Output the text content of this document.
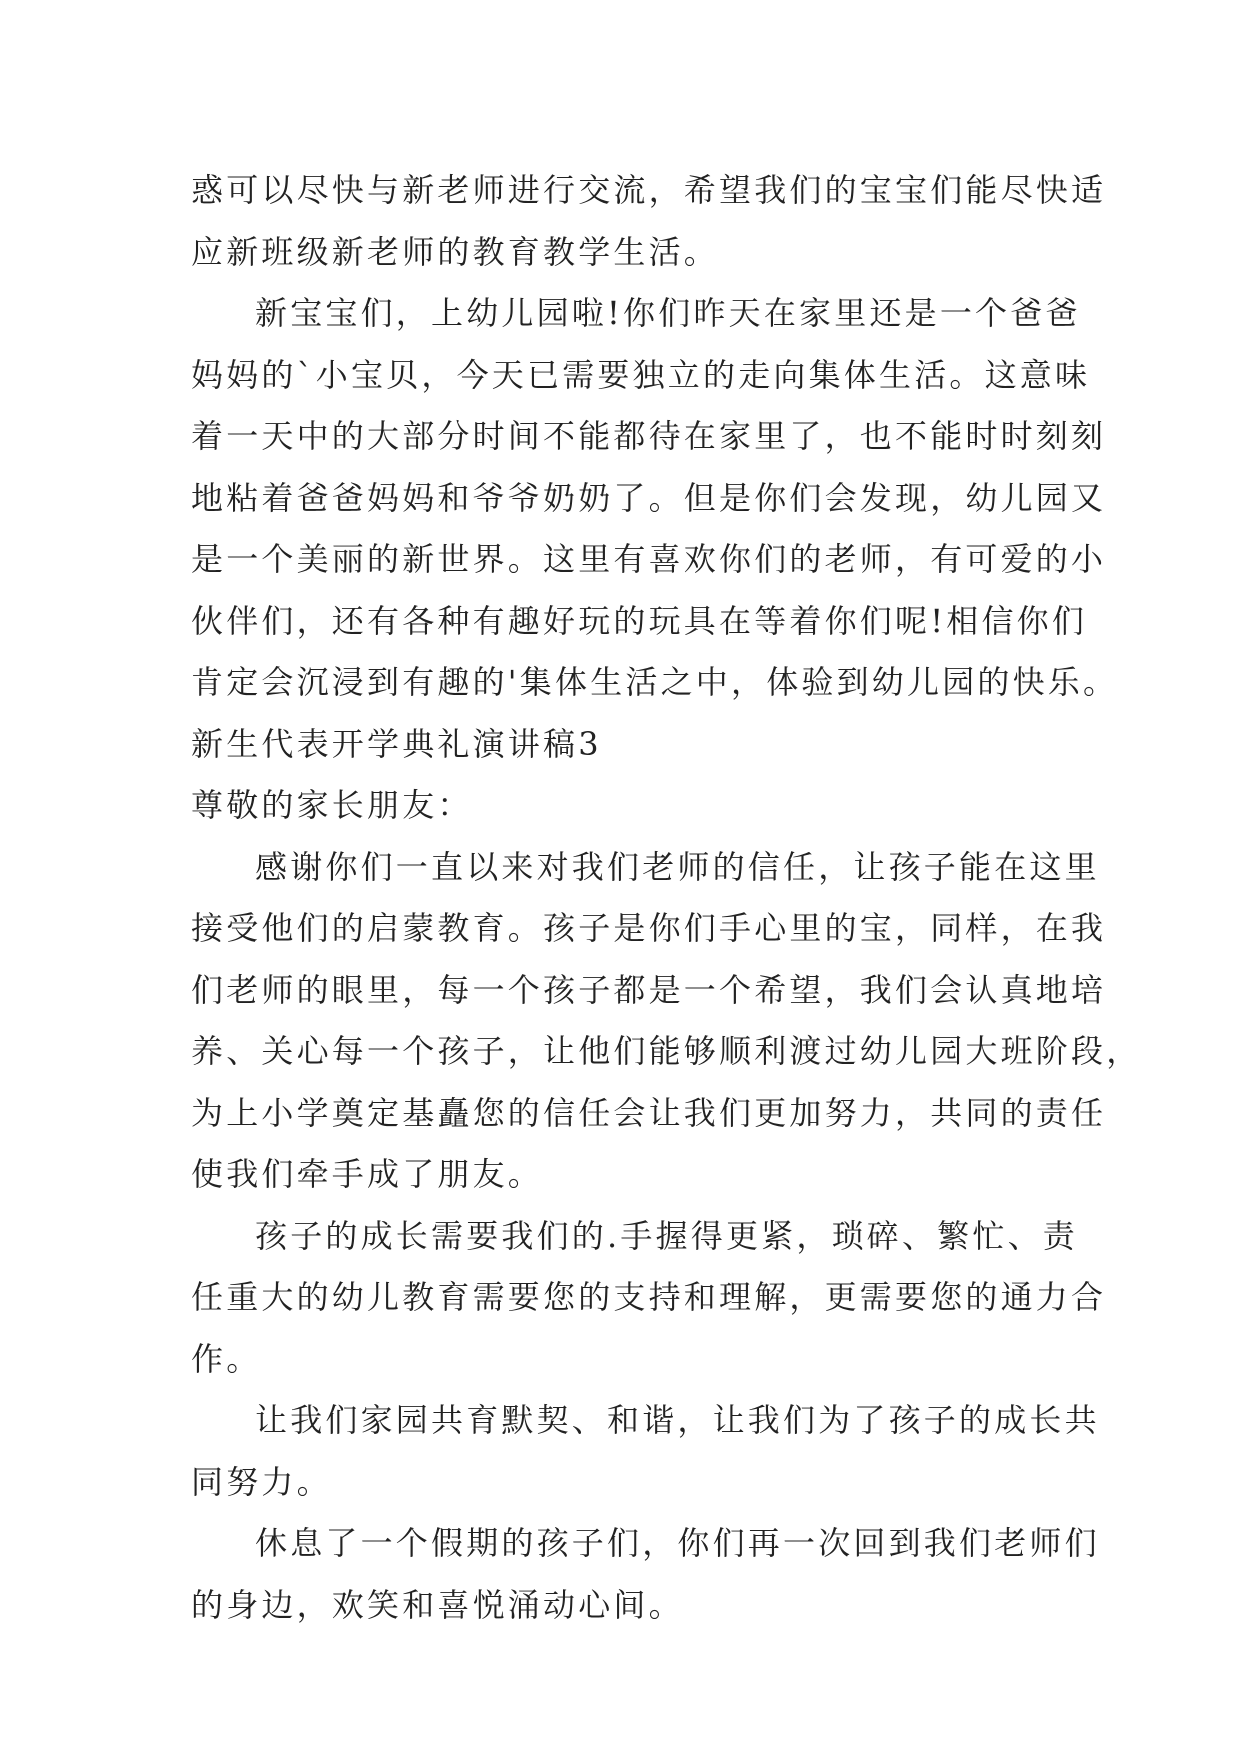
惑可以尽快与新老师进行交流，希望我们的宝宝们能尽快适
应新班级新老师的教育教学生活。
新宝宝们，上幼儿园啦!你们昨天在家里还是一个爸爸
妈妈的`小宝贝，今天已需要独立的走向集体生活。这意味
着一天中的大部分时间不能都待在家里了，也不能时时刻刻
地粘着爸爸妈妈和爷爷奶奶了。但是你们会发现，幼儿园又
是一个美丽的新世界。这里有喜欢你们的老师，有可爱的小
伙伴们，还有各种有趣好玩的玩具在等着你们呢!相信你们
肯定会沉浸到有趣的'集体生活之中，体验到幼儿园的快乐。
新生代表开学典礼演讲稿3
尊敬的家长朋友：
感谢你们一直以来对我们老师的信任，让孩子能在这里
接受他们的启蒙教育。孩子是你们手心里的宝，同样，在我
们老师的眼里，每一个孩子都是一个希望，我们会认真地培
养、关心每一个孩子，让他们能够顺利渡过幼儿园大班阶段，
为上小学奠定基矗您的信任会让我们更加努力，共同的责任
使我们牵手成了朋友。
孩子的成长需要我们的.手握得更紧，琐碎、繁忙、责
任重大的幼儿教育需要您的支持和理解，更需要您的通力合
作。
让我们家园共育默契、和谐，让我们为了孩子的成长共
同努力。
休息了一个假期的孩子们，你们再一次回到我们老师们
的身边，欢笑和喜悦涌动心间。
